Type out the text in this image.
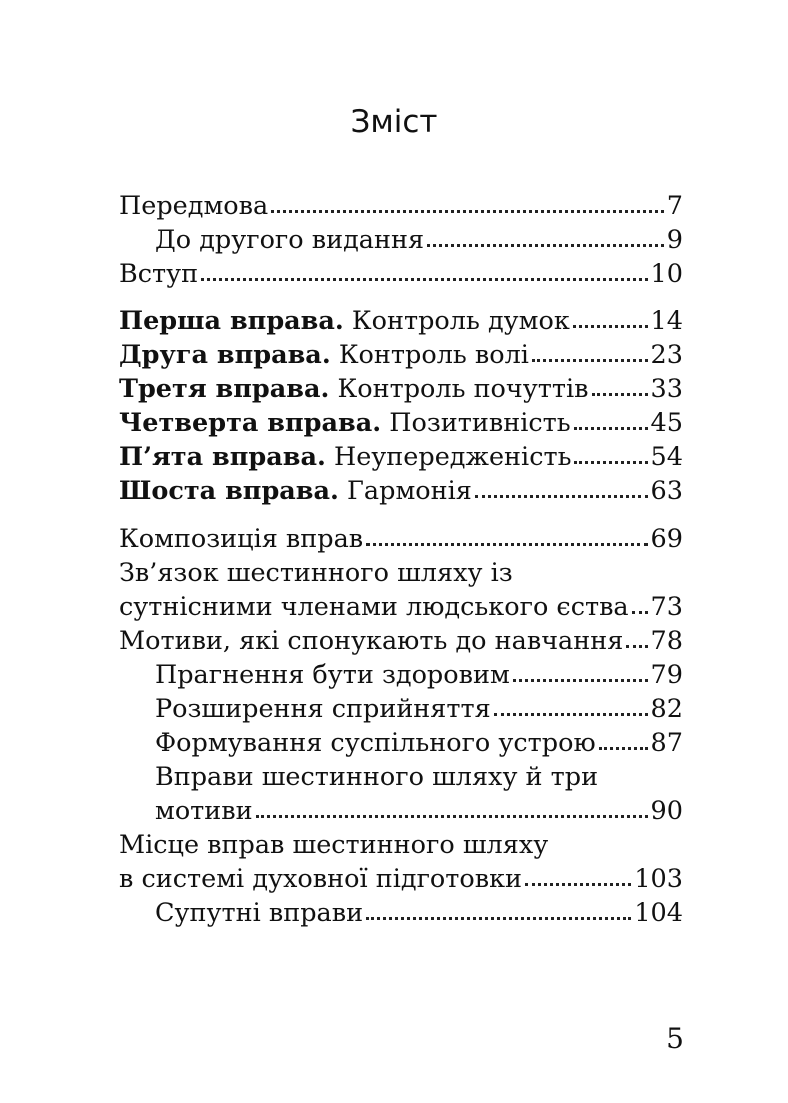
Зміст
Передмова	7
До другого видання	9
Вступ	10
Перша вправа. Контроль думок	14
Друга вправа. Контроль волі	23
Третя вправа. Контроль почуттів 33
Четверта вправа. Позитивність	45
П’ята вправа. Неупередженість	54
Шоста вправа. Гармонія	63
Композиція вправ	69
Зв’язок шестинного шляху із
сутнісними членами людського єства 73
Мотиви, які спонукають до навчання 78
Прагнення бути здоровим	79
Розширення сприйняття	82
Формування суспільного устрою 87
Вправи шестинного шляху й три
мотиви	90
Місце вправ шестинного шляху
в системі духовної підготовки	103
Супутні вправи	104
5
